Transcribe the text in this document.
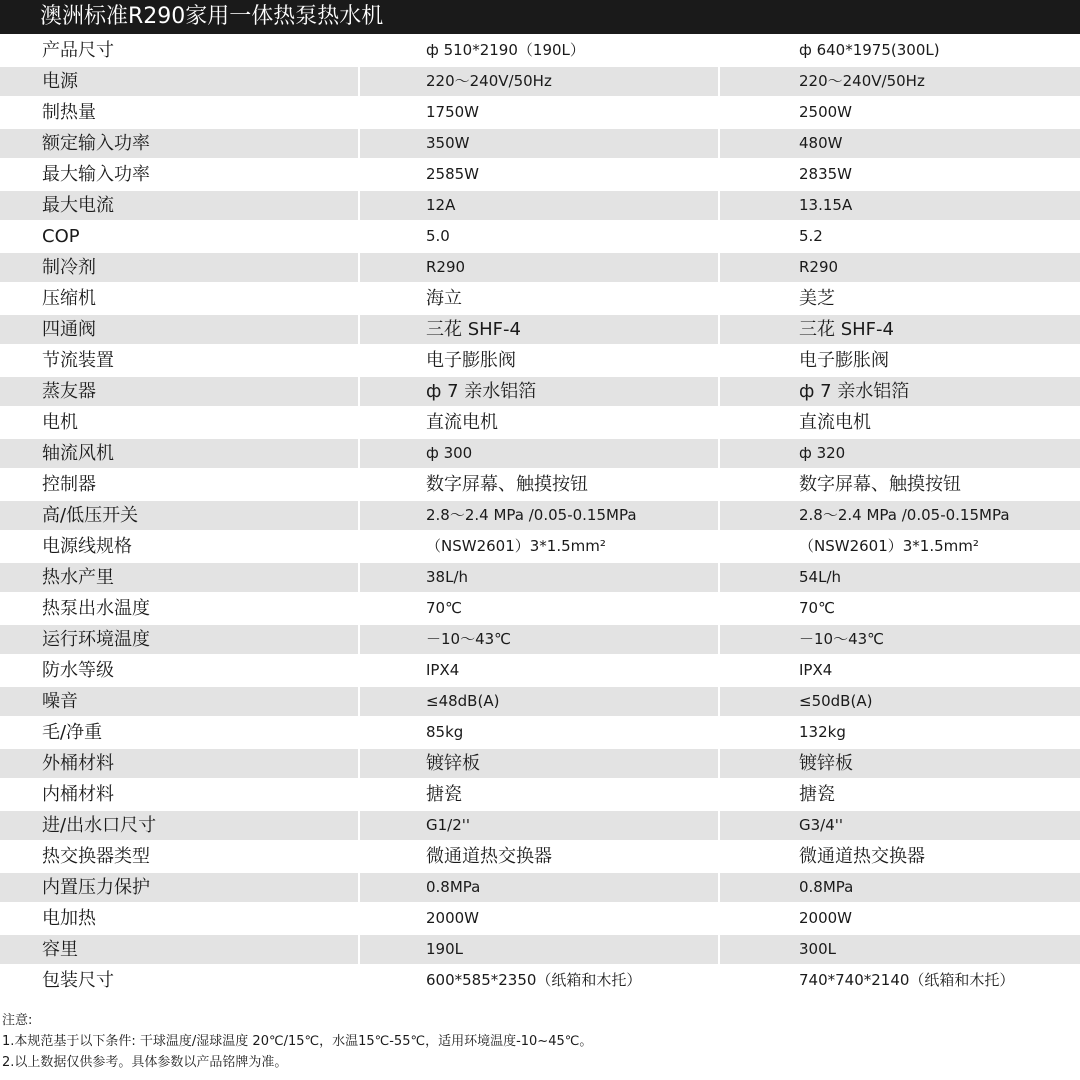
澳洲标准R290家用一体热泵热水机
产品尺寸	ф 510*2190（190L）	ф 640*1975(300L)
电源	220～240V/50Hz	220～240V/50Hz
制热量	1750W	2500W
额定输入功率	350W	480W
最大输入功率	2585W	2835W
最大电流	12A	13.15A
COP	5.0	5.2
制冷剂	R290	R290
压缩机	海立	美芝
四通阀	三花 SHF-4	三花 SHF-4
节流装置	电子膨胀阀	电子膨胀阀
蒸友器	ф 7 亲水铝箔	ф 7 亲水铝箔
电机	直流电机	直流电机
轴流风机	ф 300	ф 320
控制器	数字屏幕、触摸按钮	数字屏幕、触摸按钮
高/低压开关	2.8～2.4 MPa /0.05-0.15MPa	2.8～2.4 MPa /0.05-0.15MPa
电源线规格	（NSW2601）3*1.5mm²	（NSW2601）3*1.5mm²
热水产里	38L/h	54L/h
热泵出水温度	70℃	70℃
运行环境温度	－10～43℃	－10～43℃
防水等级	IPX4	IPX4
噪音	≤48dB(A)	≤50dB(A)
毛/净重	85kg	132kg
外桶材料	镀锌板	镀锌板
内桶材料	搪瓷	搪瓷
进/出水口尺寸	G1/2''	G3/4''
热交换器类型	微通道热交换器	微通道热交换器
内置压力保护	0.8MPa	0.8MPa
电加热	2000W	2000W
容里	190L	300L
包装尺寸	600*585*2350（纸箱和木托）	740*740*2140（纸箱和木托）
注意:
1.本规范基于以下条件: 干球温度/湿球温度 20℃/15℃，水温15℃-55℃，适用环境温度-10~45℃。
2.以上数据仅供参考。具体参数以产品铭牌为准。
